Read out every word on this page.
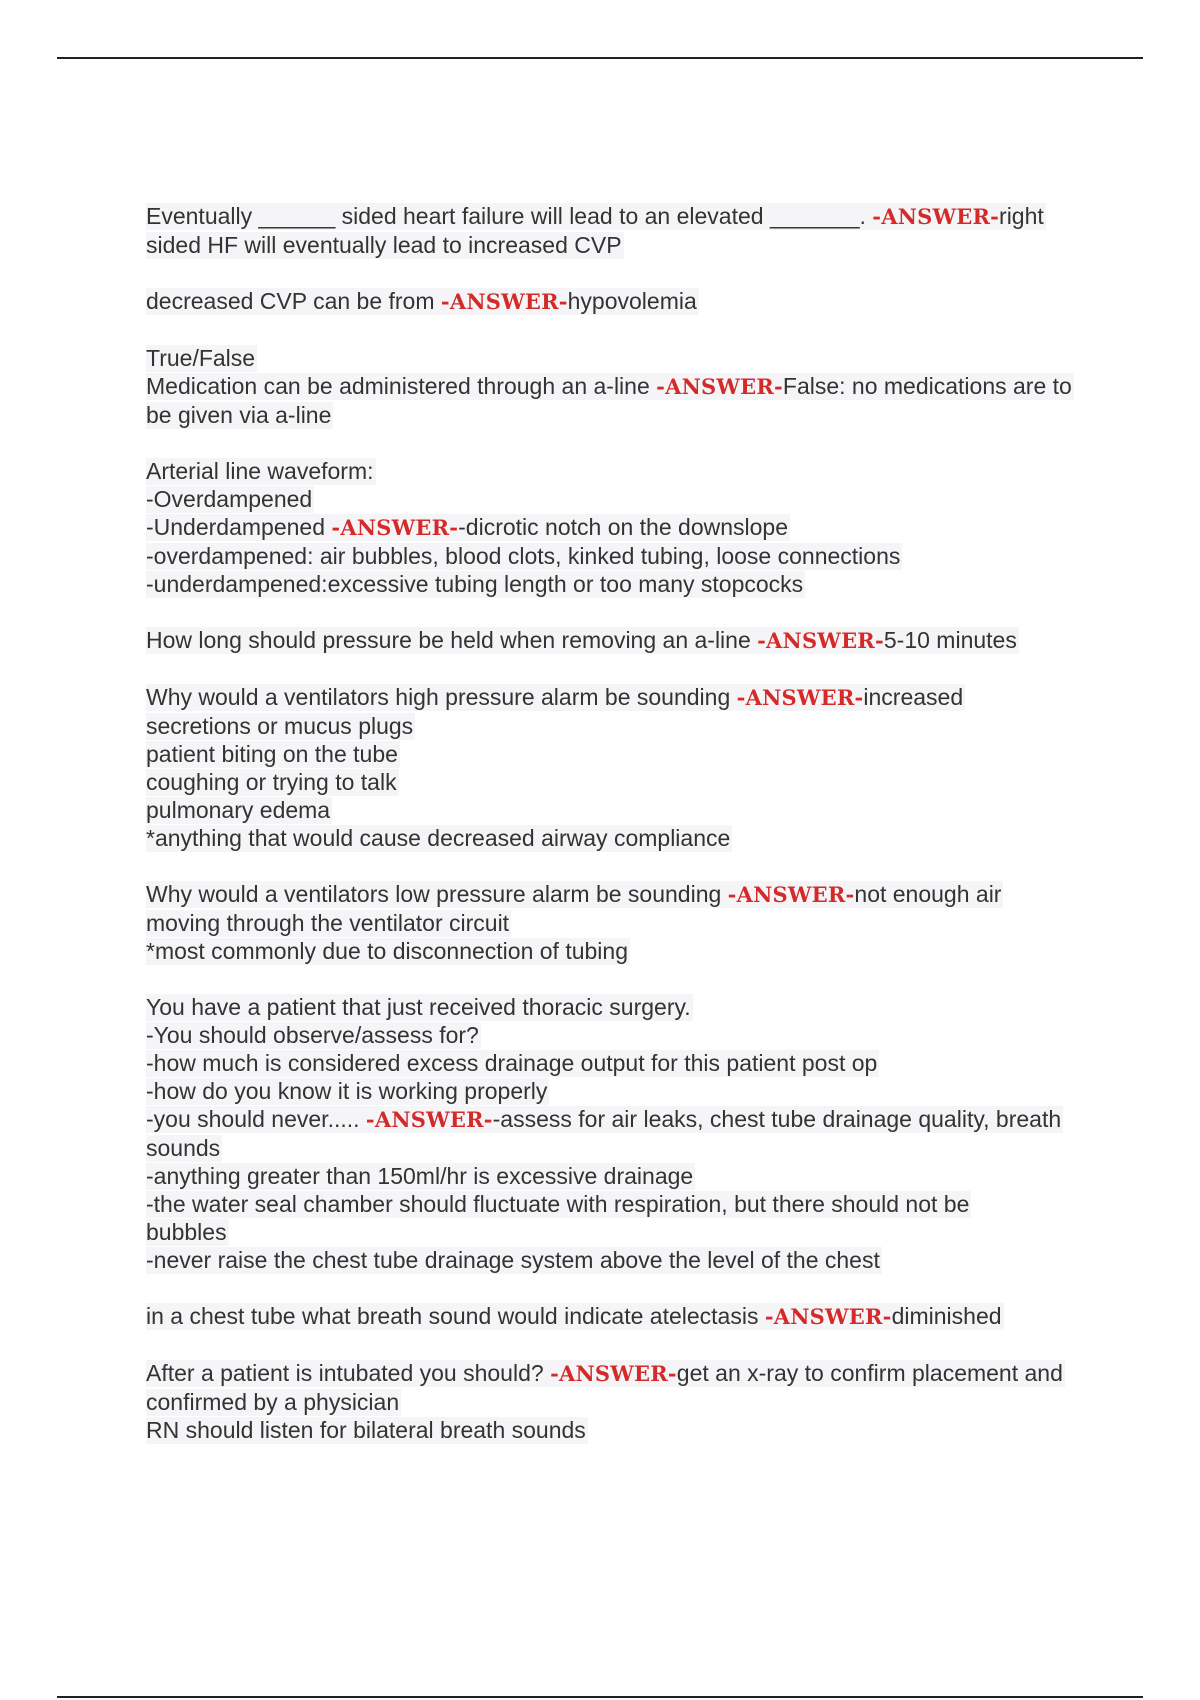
Eventually ______ sided heart failure will lead to an elevated _______. -ANSWER-right
sided HF will eventually lead to increased CVP
decreased CVP can be from -ANSWER-hypovolemia
True/False
Medication can be administered through an a-line -ANSWER-False: no medications are to
be given via a-line
Arterial line waveform:
-Overdampened
-Underdampened -ANSWER--dicrotic notch on the downslope
-overdampened: air bubbles, blood clots, kinked tubing, loose connections
-underdampened:excessive tubing length or too many stopcocks
How long should pressure be held when removing an a-line -ANSWER-5-10 minutes
Why would a ventilators high pressure alarm be sounding -ANSWER-increased
secretions or mucus plugs
patient biting on the tube
coughing or trying to talk
pulmonary edema
*anything that would cause decreased airway compliance
Why would a ventilators low pressure alarm be sounding -ANSWER-not enough air
moving through the ventilator circuit
*most commonly due to disconnection of tubing
You have a patient that just received thoracic surgery.
-You should observe/assess for?
-how much is considered excess drainage output for this patient post op
-how do you know it is working properly
-you should never..... -ANSWER--assess for air leaks, chest tube drainage quality, breath
sounds
-anything greater than 150ml/hr is excessive drainage
-the water seal chamber should fluctuate with respiration, but there should not be
bubbles
-never raise the chest tube drainage system above the level of the chest
in a chest tube what breath sound would indicate atelectasis -ANSWER-diminished
After a patient is intubated you should? -ANSWER-get an x-ray to confirm placement and
confirmed by a physician
RN should listen for bilateral breath sounds
